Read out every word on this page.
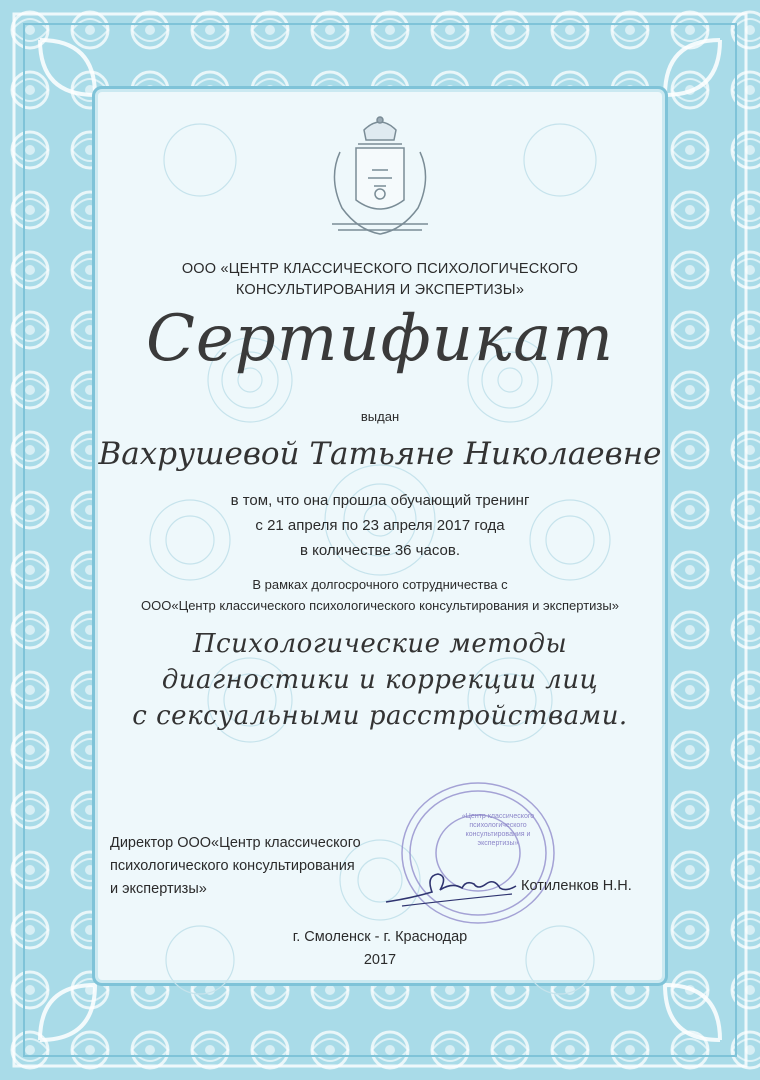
ООО «ЦЕНТР КЛАССИЧЕСКОГО ПСИХОЛОГИЧЕСКОГО
КОНСУЛЬТИРОВАНИЯ И ЭКСПЕРТИЗЫ»
Сертификат
выдан
Вахрушевой Татьяне Николаевне
в том, что она прошла обучающий тренинг
с 21 апреля по 23 апреля 2017 года
в количестве 36 часов.
В рамках долгосрочного сотрудничества с
ООО«Центр классического психологического консультирования и экспертизы»
Психологические методы
диагностики и коррекции лиц
с сексуальными расстройствами.
«Центр классического психологического консультирования и экспертизы»
Директор ООО«Центр классического
психологического консультирования
и экспертизы»	Котиленков Н.Н.
г. Смоленск - г. Краснодар
2017
